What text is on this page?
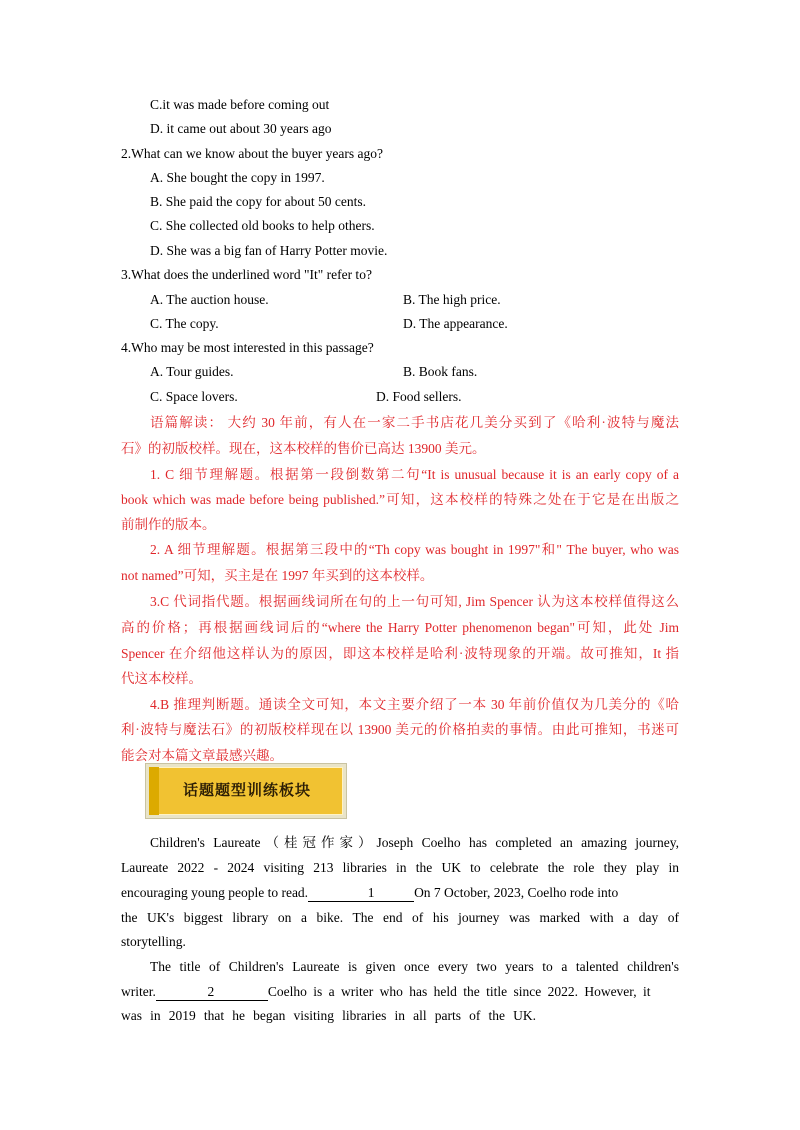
C.it was made before coming out
D. it came out about 30 years ago
2.What can we know about the buyer years ago?
A. She bought the copy in 1997.
B. She paid the copy for about 50 cents.
C. She collected old books to help others.
D. She was a big fan of Harry Potter movie.
3.What does the underlined word "It" refer to?
A. The auction house.	B. The high price.
C. The copy.	D. The appearance.
4.Who may be most interested in this passage?
A. Tour guides.	B. Book fans.
C. Space lovers.	D. Food sellers.
语篇解读： 大约 30 年前，有人在一家二手书店花几美分买到了《哈利·波特与魔法
石》的初版校样。现在，这本校样的售价已高达 13900 美元。
1. C 细节理解题。根据第一段倒数第二句“It is unusual because it is an early copy of a
book which was made before being published.”可知，这本校样的特殊之处在于它是在出版之
前制作的版本。
2. A 细节理解题。根据第三段中的“Th copy was bought in 1997"和" The buyer, who was
not named”可知，买主是在 1997 年买到的这本校样。
3.C 代词指代题。根据画线词所在句的上一句可知, Jim Spencer 认为这本校样值得这么
高的价格；再根据画线词后的“where the Harry Potter phenomenon began"可知，此处 Jim
Spencer 在介绍他这样认为的原因，即这本校样是哈利·波特现象的开端。故可推知，It 指
代这本校样。
4.B 推理判断题。通读全文可知，本文主要介绍了一本 30 年前价值仅为几美分的《哈
利·波特与魔法石》的初版校样现在以 13900 美元的价格拍卖的事情。由此可推知，书迷可
能会对本篇文章最感兴趣。
话题题型训练板块
Children's Laureate（桂冠作家）Joseph Coelho has completed an amazing journey,
Laureate 2022 - 2024 visiting 213 libraries in the UK to celebrate the role they play in
encouraging young people to read.	1	On 7 October, 2023, Coelho rode into
the UK's biggest library on a bike. The end of his journey was marked with a day of
storytelling.
The title of Children's Laureate is given once every two years to a talented children's
writer.	2	Coelho is a writer who has held the title since 2022. However, it
was in 2019 that he began visiting libraries in all parts of the UK.
